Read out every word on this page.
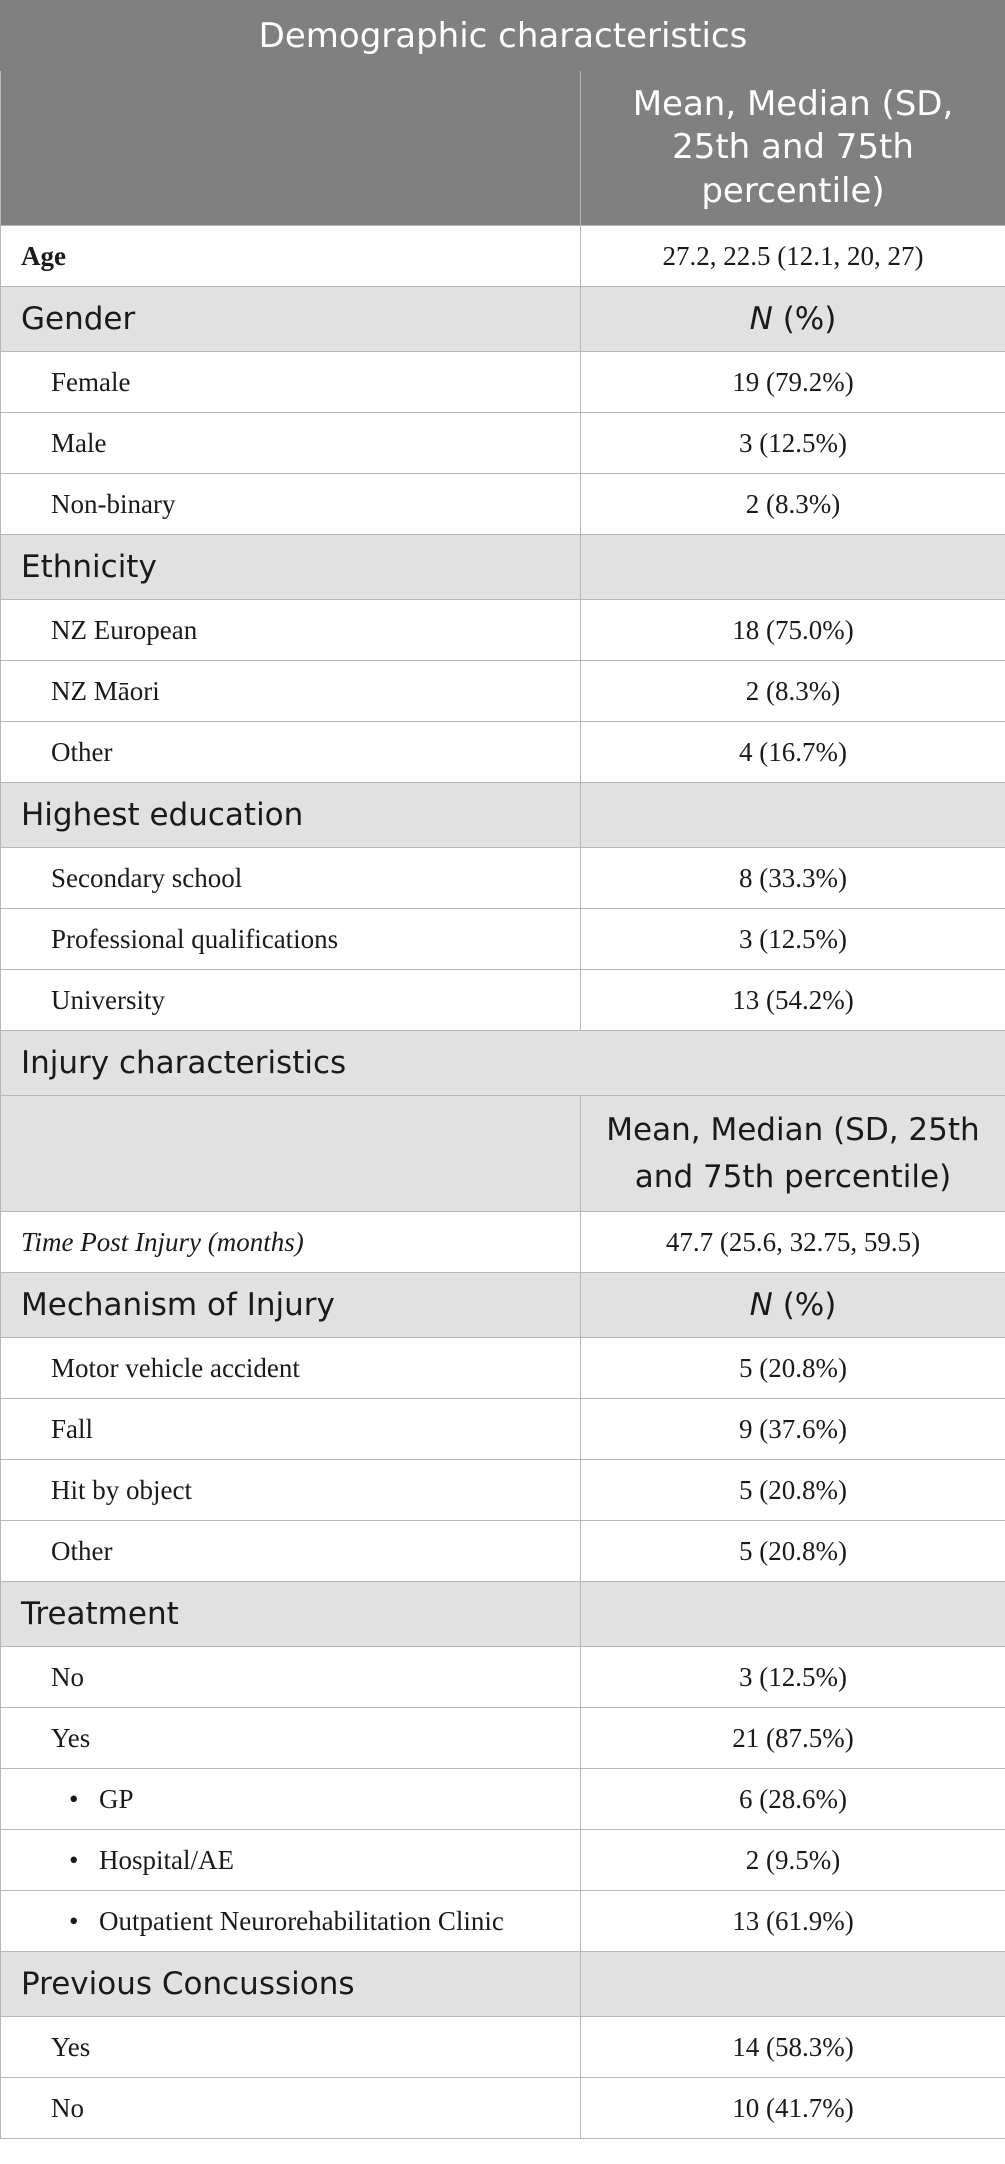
Demographic characteristics	

	Mean, Median (SD, 25th and 75th percentile)

Age	27.2, 22.5 (12.1, 20, 27)
Gender	N (%)
Female	19 (79.2%)
Male	3 (12.5%)
Non-binary	2 (8.3%)
Ethnicity	
NZ European	18 (75.0%)
NZ Māori	2 (8.3%)
Other	4 (16.7%)
Highest education	
Secondary school	8 (33.3%)
Professional qualifications	3 (12.5%)
University	13 (54.2%)
Injury characteristics	

	Mean, Median (SD, 25th and 75th percentile)

Time Post Injury (months)	47.7 (25.6, 32.75, 59.5)
Mechanism of Injury	N (%)
Motor vehicle accident	5 (20.8%)
Fall	9 (37.6%)
Hit by object	5 (20.8%)
Other	5 (20.8%)
Treatment	
No	3 (12.5%)
Yes	21 (87.5%)
• GP	6 (28.6%)
• Hospital/AE	2 (9.5%)
• Outpatient Neurorehabilitation Clinic	13 (61.9%)
Previous Concussions	
Yes	14 (58.3%)
No	10 (41.7%)
